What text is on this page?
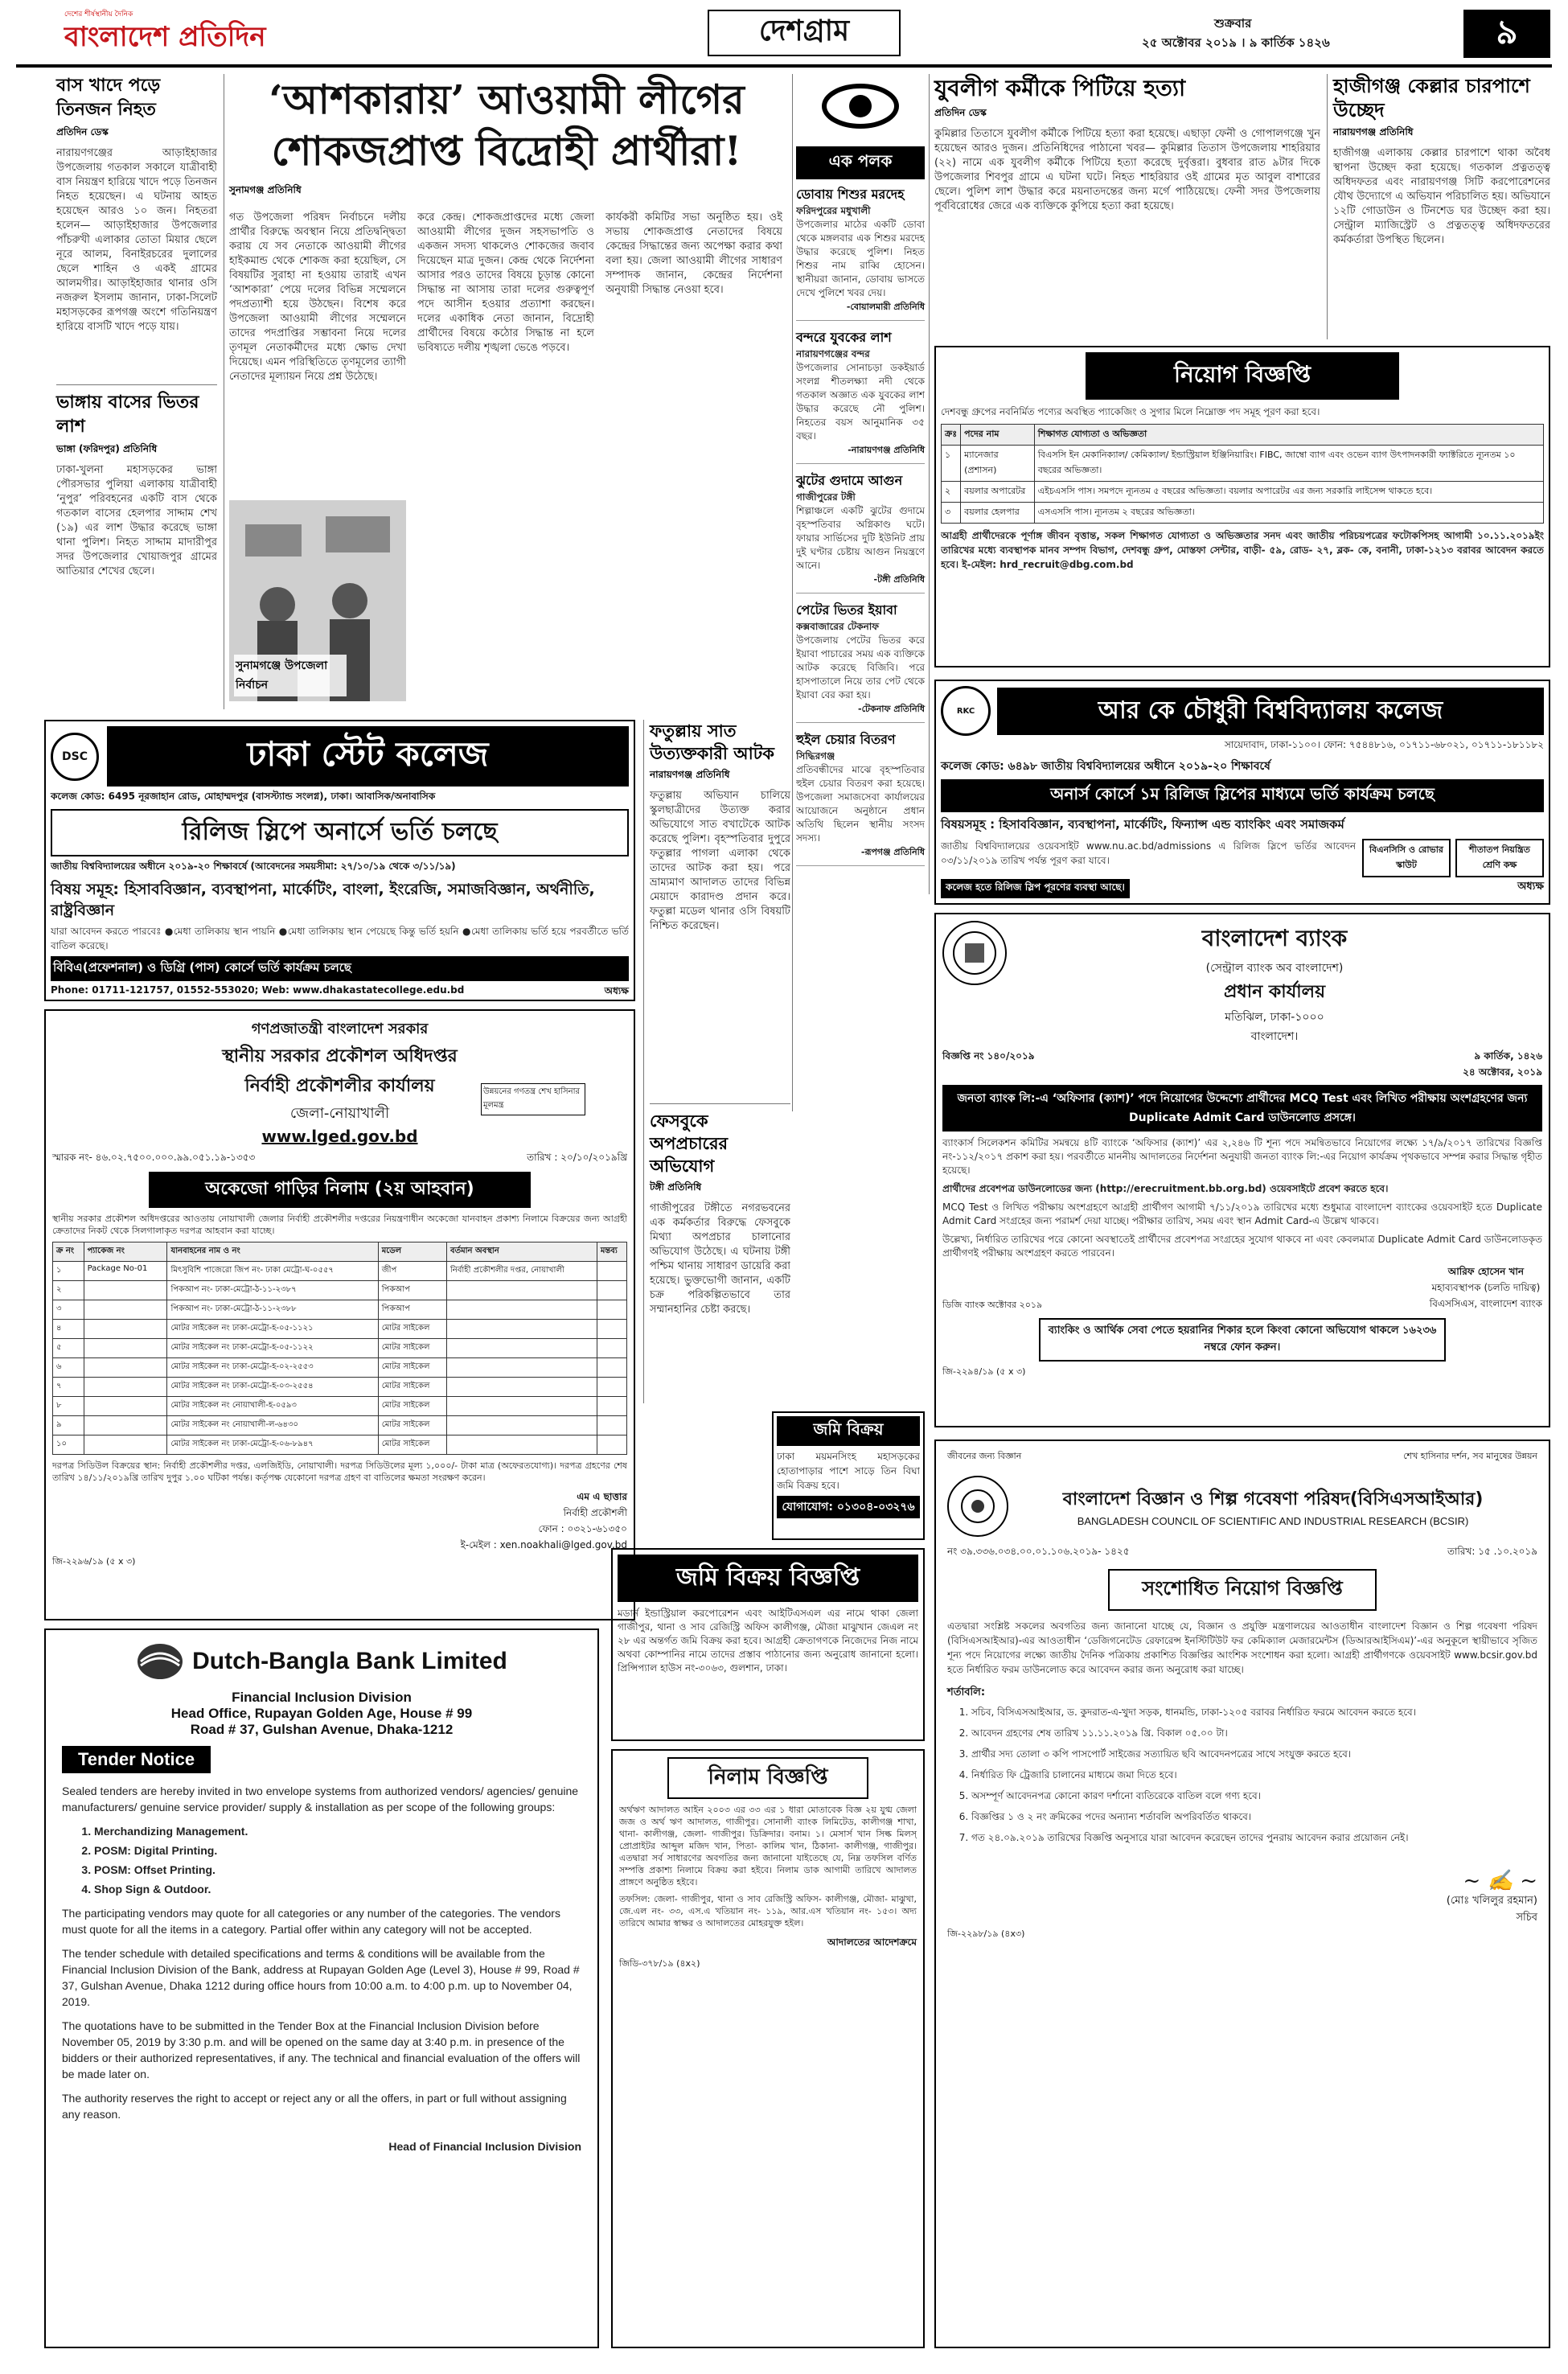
দেশের শীর্ষস্থানীয় দৈনিক
বাংলাদেশ প্রতিদিন	দেশগ্রাম	শুক্রবার
২৫ অক্টোবর ২০১৯ । ৯ কার্তিক ১৪২৬	৯
বাস খাদে পড়ে তিনজন নিহত
প্রতিদিন ডেস্ক
নারায়ণগঞ্জের আড়াইহাজার উপজেলায় গতকাল সকালে যাত্রীবাহী বাস নিয়ন্ত্রণ হারিয়ে খাদে পড়ে তিনজন নিহত হয়েছেন। এ ঘটনায় আহত হয়েছেন আরও ১০ জন। নিহতরা হলেন— আড়াইহাজার উপজেলার পাঁচরুখী এলাকার তোতা মিয়ার ছেলে নূরে আলম, বিনাইরচরের দুলালের ছেলে শাহিন ও একই গ্রামের আলমগীর। আড়াইহাজার থানার ওসি নজরুল ইসলাম জানান, ঢাকা-সিলেট মহাসড়কের রূপগঞ্জ অংশে গতিনিয়ন্ত্রণ হারিয়ে বাসটি খাদে পড়ে যায়।
ভাঙ্গায় বাসের ভিতর লাশ
ভাঙ্গা (ফরিদপুর) প্রতিনিধি
ঢাকা-খুলনা মহাসড়কের ভাঙ্গা পৌরসভার পুলিয়া এলাকায় যাত্রীবাহী ‘নুপুর’ পরিবহনের একটি বাস থেকে গতকাল বাসের হেলপার সাদ্দাম শেখ (১৯) এর লাশ উদ্ধার করেছে ভাঙ্গা থানা পুলিশ। নিহত সাদ্দাম মাদারীপুর সদর উপজেলার খোয়াজপুর গ্রামের আতিয়ার শেখের ছেলে।
‘আশকারায়’ আওয়ামী লীগের
শোকজপ্রাপ্ত বিদ্রোহী প্রার্থীরা!
সুনামগঞ্জ প্রতিনিধি
গত উপজেলা পরিষদ নির্বাচনে দলীয় প্রার্থীর বিরুদ্ধে অবস্থান নিয়ে প্রতিদ্বন্দ্বিতা করায় যে সব নেতাকে আওয়ামী লীগের হাইকমান্ড থেকে শোকজ করা হয়েছিল, সে বিষয়টির সুরাহা না হওয়ায় তারাই এখন ‘আশকারা’ পেয়ে দলের বিভিন্ন সম্মেলনে পদপ্রত্যাশী হয়ে উঠছেন। বিশেষ করে উপজেলা আওয়ামী লীগের সম্মেলনে তাদের পদপ্রাপ্তির সম্ভাবনা নিয়ে দলের তৃণমূল নেতাকর্মীদের মধ্যে ক্ষোভ দেখা দিয়েছে। এমন পরিস্থিতিতে তৃণমূলের ত্যাগী নেতাদের মূল্যায়ন নিয়ে প্রশ্ন উঠেছে।
সুনামগঞ্জে উপজেলা নির্বাচন
করে কেন্দ্র। শোকজপ্রাপ্তদের মধ্যে জেলা আওয়ামী লীগের দুজন সহসভাপতি ও একজন সদস্য থাকলেও শোকজের জবাব দিয়েছেন মাত্র দুজন। কেন্দ্র থেকে নির্দেশনা আসার পরও তাদের বিষয়ে চূড়ান্ত কোনো সিদ্ধান্ত না আসায় তারা দলের গুরুত্বপূর্ণ পদে আসীন হওয়ার প্রত্যাশা করছেন। দলের একাধিক নেতা জানান, বিদ্রোহী প্রার্থীদের বিষয়ে কঠোর সিদ্ধান্ত না হলে ভবিষ্যতে দলীয় শৃঙ্খলা ভেঙে পড়বে।
কার্যকরী কমিটির সভা অনুষ্ঠিত হয়। ওই সভায় শোকজপ্রাপ্ত নেতাদের বিষয়ে কেন্দ্রের সিদ্ধান্তের জন্য অপেক্ষা করার কথা বলা হয়। জেলা আওয়ামী লীগের সাধারণ সম্পাদক জানান, কেন্দ্রের নির্দেশনা অনুযায়ী সিদ্ধান্ত নেওয়া হবে।
এক পলক
ডোবায় শিশুর মরদেহ
ফরিদপুরের মধুখালী
উপজেলার মাঠের একটি ডোবা থেকে মঙ্গলবার এক শিশুর মরদেহ উদ্ধার করেছে পুলিশ। নিহত শিশুর নাম রাব্বি হোসেন। স্থানীয়রা জানান, ডোবায় ভাসতে দেখে পুলিশে খবর দেয়।
-বোয়ালমারী প্রতিনিধি
বন্দরে যুবকের লাশ
নারায়ণগঞ্জের বন্দর
উপজেলার সোনাচড়া ডকইয়ার্ড সংলগ্ন শীতলক্ষ্যা নদী থেকে গতকাল অজ্ঞাত এক যুবকের লাশ উদ্ধার করেছে নৌ পুলিশ। নিহতের বয়স আনুমানিক ৩৫ বছর।
-নারায়ণগঞ্জ প্রতিনিধি
ঝুটের গুদামে আগুন
গাজীপুরের টঙ্গী
শিল্পাঞ্চলে একটি ঝুটের গুদামে বৃহস্পতিবার অগ্নিকাণ্ড ঘটে। ফায়ার সার্ভিসের দুটি ইউনিট প্রায় দুই ঘণ্টার চেষ্টায় আগুন নিয়ন্ত্রণে আনে।
-টঙ্গী প্রতিনিধি
পেটের ভিতর ইয়াবা
কক্সবাজারের টেকনাফ
উপজেলায় পেটের ভিতর করে ইয়াবা পাচারের সময় এক ব্যক্তিকে আটক করেছে বিজিবি। পরে হাসপাতালে নিয়ে তার পেট থেকে ইয়াবা বের করা হয়।
-টেকনাফ প্রতিনিধি
হুইল চেয়ার বিতরণ
সিদ্ধিরগঞ্জ
প্রতিবন্ধীদের মাঝে বৃহস্পতিবার হুইল চেয়ার বিতরণ করা হয়েছে। উপজেলা সমাজসেবা কার্যালয়ের আয়োজনে অনুষ্ঠানে প্রধান অতিথি ছিলেন স্থানীয় সংসদ সদস্য।
-রূপগঞ্জ প্রতিনিধি
যুবলীগ কর্মীকে পিটিয়ে হত্যা
প্রতিদিন ডেস্ক
কুমিল্লার তিতাসে যুবলীগ কর্মীকে পিটিয়ে হত্যা করা হয়েছে। এছাড়া ফেনী ও গোপালগঞ্জে খুন হয়েছেন আরও দুজন। প্রতিনিধিদের পাঠানো খবর— কুমিল্লার তিতাস উপজেলায় শাহরিয়ার (২২) নামে এক যুবলীগ কর্মীকে পিটিয়ে হত্যা করেছে দুর্বৃত্তরা। বুধবার রাত ৯টার দিকে উপজেলার শিবপুর গ্রামে এ ঘটনা ঘটে। নিহত শাহরিয়ার ওই গ্রামের মৃত আবুল বাশারের ছেলে। পুলিশ লাশ উদ্ধার করে ময়নাতদন্তের জন্য মর্গে পাঠিয়েছে। ফেনী সদর উপজেলায় পূর্ববিরোধের জেরে এক ব্যক্তিকে কুপিয়ে হত্যা করা হয়েছে।
হাজীগঞ্জ কেল্লার চারপাশে উচ্ছেদ
নারায়ণগঞ্জ প্রতিনিধি
হাজীগঞ্জ এলাকায় কেল্লার চারপাশে থাকা অবৈধ স্থাপনা উচ্ছেদ করা হয়েছে। গতকাল প্রত্নতত্ত্ব অধিদফতর এবং নারায়ণগঞ্জ সিটি করপোরেশনের যৌথ উদ্যোগে এ অভিযান পরিচালিত হয়। অভিযানে ১২টি গোডাউন ও টিনশেড ঘর উচ্ছেদ করা হয়। সেন্ট্রাল ম্যাজিস্ট্রেট ও প্রত্নতত্ত্ব অধিদফতরের কর্মকর্তারা উপস্থিত ছিলেন।
নিয়োগ বিজ্ঞপ্তি
দেশবন্ধু গ্রুপের নবনির্মিত পণ্যের অবস্থিত প্যাকেজিং ও সুগার মিলে নিম্নোক্ত পদ সমূহ পূরণ করা হবে।
ক্রঃ	পদের নাম	শিক্ষাগত যোগ্যতা ও অভিজ্ঞতা
১	ম্যানেজার (প্রশাসন)	বিএসসি ইন মেকানিক্যাল/ কেমিক্যাল/ ইন্ডাস্ট্রিয়াল ইঞ্জিনিয়ারিং। FIBC, জাম্বো ব্যাগ এবং ওভেন ব্যাগ উৎপাদনকারী ফ্যাক্টরিতে ন্যূনতম ১০ বছরের অভিজ্ঞতা।
২	বয়লার অপারেটর	এইচএসসি পাস। সমপদে ন্যূনতম ৫ বছরের অভিজ্ঞতা। বয়লার অপারেটর এর জন্য সরকারি লাইসেন্স থাকতে হবে।
৩	বয়লার হেলপার	এসএসসি পাস। ন্যূনতম ২ বছরের অভিজ্ঞতা।
আগ্রহী প্রার্থীদেরকে পূর্ণাঙ্গ জীবন বৃত্তান্ত, সকল শিক্ষাগত যোগ্যতা ও অভিজ্ঞতার সনদ এবং জাতীয় পরিচয়পত্রের ফটোকপিসহ আগামী ১০.১১.২০১৯ইং তারিখের মধ্যে ব্যবস্থাপক মানব সম্পদ বিভাগ, দেশবন্ধু গ্রুপ, মোস্তফা সেন্টার, বাড়ী- ৫৯, রোড- ২৭, ব্লক- কে, বনানী, ঢাকা-১২১৩ বরাবর আবেদন করতে হবে। ই-মেইল: hrd_recruit@dbg.com.bd
DSC	ঢাকা স্টেট কলেজ
কলেজ কোড: 6495 নূরজাহান রোড, মোহাম্মদপুর (বাসস্ট্যান্ড সংলগ্ন), ঢাকা। আবাসিক/অনাবাসিক
রিলিজ স্লিপে অনার্সে ভর্তি চলছে
জাতীয় বিশ্ববিদ্যালয়ের অধীনে ২০১৯-২০ শিক্ষাবর্ষে (আবেদনের সময়সীমা: ২৭/১০/১৯ থেকে ৩/১১/১৯)
বিষয় সমূহ: হিসাববিজ্ঞান, ব্যবস্থাপনা, মার্কেটিং, বাংলা, ইংরেজি, সমাজবিজ্ঞান, অর্থনীতি, রাষ্ট্রবিজ্ঞান
যারা আবেদন করতে পারবেঃ ●মেধা তালিকায় স্থান পায়নি ●মেধা তালিকায় স্থান পেয়েছে কিন্তু ভর্তি হয়নি ●মেধা তালিকায় ভর্তি হয়ে পরবর্তীতে ভর্তি বাতিল করেছে।
বিবিএ(প্রফেশনাল) ও ডিগ্রি (পাস) কোর্সে ভর্তি কার্যক্রম চলছে
Phone: 01711-121757, 01552-553020; Web: www.dhakastatecollege.edu.bd	অধ্যক্ষ
ফতুল্লায় সাত উত্যক্তকারী আটক
নারায়ণগঞ্জ প্রতিনিধি
ফতুল্লায় অভিযান চালিয়ে স্কুলছাত্রীদের উত্যক্ত করার অভিযোগে সাত বখাটেকে আটক করেছে পুলিশ। বৃহস্পতিবার দুপুরে ফতুল্লার পাগলা এলাকা থেকে তাদের আটক করা হয়। পরে ভ্রাম্যমাণ আদালত তাদের বিভিন্ন মেয়াদে কারাদণ্ড প্রদান করে। ফতুল্লা মডেল থানার ওসি বিষয়টি নিশ্চিত করেছেন।
ফেসবুকে অপপ্রচারের অভিযোগ
টঙ্গী প্রতিনিধি
গাজীপুরের টঙ্গীতে নগরভবনের এক কর্মকর্তার বিরুদ্ধে ফেসবুকে মিথ্যা অপপ্রচার চালানোর অভিযোগ উঠেছে। এ ঘটনায় টঙ্গী পশ্চিম থানায় সাধারণ ডায়েরি করা হয়েছে। ভুক্তভোগী জানান, একটি চক্র পরিকল্পিতভাবে তার সম্মানহানির চেষ্টা করছে।
গণপ্রজাতন্ত্রী বাংলাদেশ সরকার
স্থানীয় সরকার প্রকৌশল অধিদপ্তর
নির্বাহী প্রকৌশলীর কার্যালয়
জেলা-নোয়াখালী
www.lged.gov.bd
উন্নয়নের গণতন্ত্র শেখ হাসিনার মূলমন্ত্র
স্মারক নং- ৪৬.০২.৭৫০০.০০০.৯৯.০৫১.১৯-১৩৫৩	তারিখ : ২০/১০/২০১৯খ্রি
অকেজো গাড়ির নিলাম (২য় আহবান)
স্থানীয় সরকার প্রকৌশল অধিদপ্তরের আওতায় নোয়াখালী জেলার নির্বাহী প্রকৌশলীর দপ্তরের নিয়ন্ত্রণাধীন অকেজো যানবাহন প্রকাশ্য নিলামে বিক্রয়ের জন্য আগ্রহী ক্রেতাদের নিকট থেকে সিলগালাকৃত দরপত্র আহবান করা যাচ্ছে।
ক্র নং	প্যাকেজ নং	যানবাহনের নাম ও নং	মডেল	বর্তমান অবস্থান	মন্তব্য
১	Package No-01	মিৎসুবিশি পাজেরো জিপ নং- ঢাকা মেট্রো-ঘ-০৫৫৭	জীপ	নির্বাহী প্রকৌশলীর দপ্তর, নোয়াখালী	
২		পিকআপ নং- ঢাকা-মেট্রো-ঠ-১১-২৩৮৭	পিকআপ		
৩		পিকআপ নং- ঢাকা-মেট্রো-ঠ-১১-২৩৮৮	পিকআপ		
৪		মোটর সাইকেল নং ঢাকা-মেট্রো-হ-০৫-১১২১	মোটর সাইকেল		
৫		মোটর সাইকেল নং ঢাকা-মেট্রো-হ-০৫-১১২২	মোটর সাইকেল		
৬		মোটর সাইকেল নং ঢাকা-মেট্রো-হ-০২-২৫৫৩	মোটর সাইকেল		
৭		মোটর সাইকেল নং ঢাকা-মেট্রো-হ-০৩-২৫৫৪	মোটর সাইকেল		
৮		মোটর সাইকেল নং নোয়াখালী-হ-০৫৯৩	মোটর সাইকেল		
৯		মোটর সাইকেল নং নোয়াখালী-ল-৬৪৩০	মোটর সাইকেল		
১০		মোটর সাইকেল নং ঢাকা-মেট্রো-হ-০৬-৮৯৪৭	মোটর সাইকেল		
দরপত্র সিডিউল বিক্রয়ের স্থান: নির্বাহী প্রকৌশলীর দপ্তর, এলজিইডি, নোয়াখালী। দরপত্র সিডিউলের মূল্য ১,০০০/- টাকা মাত্র (অফেরতযোগ্য)। দরপত্র গ্রহণের শেষ তারিখ ১৪/১১/২০১৯খ্রি তারিখ দুপুর ১.০০ ঘটিকা পর্যন্ত। কর্তৃপক্ষ যেকোনো দরপত্র গ্রহণ বা বাতিলের ক্ষমতা সংরক্ষণ করেন।
এম এ ছাত্তার
নির্বাহী প্রকৌশলী
ফোন : ০৩২১-৬১৩৫০
ই-মেইল : xen.noakhali@lged.gov.bd
জি-২২৯৬/১৯ (৫ x ৩)
Dutch-Bangla Bank Limited
Financial Inclusion Division
Head Office, Rupayan Golden Age, House # 99
Road # 37, Gulshan Avenue, Dhaka-1212
Tender Notice

Sealed tenders are hereby invited in two envelope systems from authorized vendors/ agencies/ genuine manufacturers/ genuine service provider/ supply & installation as per scope of the following groups:

1. Merchandizing Management.
2. POSM: Digital Printing.
3. POSM: Offset Printing.
4. Shop Sign & Outdoor.

The participating vendors may quote for all categories or any number of the categories. The vendors must quote for all the items in a category. Partial offer within any category will not be accepted.

The tender schedule with detailed specifications and terms & conditions will be available from the Financial Inclusion Division of the Bank, address at Rupayan Golden Age (Level 3), House # 99, Road # 37, Gulshan Avenue, Dhaka 1212 during office hours from 10:00 a.m. to 4:00 p.m. up to November 04, 2019.

The quotations have to be submitted in the Tender Box at the Financial Inclusion Division before November 05, 2019 by 3:30 p.m. and will be opened on the same day at 3:40 p.m. in presence of the bidders or their authorized representatives, if any. The technical and financial evaluation of the offers will be made later on.

The authority reserves the right to accept or reject any or all the offers, in part or full without assigning any reason.

Head of Financial Inclusion Division

জমি বিক্রয়
ঢাকা ময়মনসিংহ মহাসড়কের হোতাপাড়ার পাশে সাড়ে তিন বিঘা জমি বিক্রয় হবে।
যোগাযোগ: ০১৩০৪-০৩২৭৬
জমি বিক্রয় বিজ্ঞপ্তি
মডার্ন ইন্ডাস্ট্রিয়াল করপোরেশন এবং আইটিএসএল এর নামে থাকা জেলা গাজীপুর, থানা ও সাব রেজিস্ট্রি অফিস কালীগঞ্জ, মৌজা মাঝুখান জেএল নং ২৮ এর অন্তর্গত জমি বিক্রয় করা হবে। আগ্রহী ক্রেতাগণকে নিজেদের নিজ নামে অথবা কোম্পানির নামে তাদের প্রস্তাব পাঠানোর জন্য অনুরোধ জানানো হলো। প্রিন্সিপ্যাল হাউস নং-৩০৬৩, গুলশান, ঢাকা।
নিলাম বিজ্ঞপ্তি
অর্থঋণ আদালত আইন ২০০৩ এর ৩৩ এর ১ ধারা মোতাবেক বিজ্ঞ ২য় যুগ্ম জেলা জজ ও অর্থ ঋণ আদালত, গাজীপুর। সোনালী ব্যাংক লিমিটেড, কালীগঞ্জ শাখা, থানা- কালীগঞ্জ, জেলা- গাজীপুর। ডিক্রিদার। বনাম। ১। মেসার্স খান সিল্ক মিলস্ প্রোপ্রাইটর আব্দুল মজিদ খান, পিতা- কালিম খান, ঠিকানা- কালীগঞ্জ, গাজীপুর। এতদ্বারা সর্ব সাধারণের অবগতির জন্য জানানো যাইতেছে যে, নিম্ন তফসিল বর্ণিত সম্পত্তি প্রকাশ্য নিলামে বিক্রয় করা হইবে। নিলাম ডাক আগামী তারিখে আদালত প্রাঙ্গণে অনুষ্ঠিত হইবে।
তফসিল: জেলা- গাজীপুর, থানা ও সাব রেজিস্ট্রি অফিস- কালীগঞ্জ, মৌজা- মাঝুখা, জে.এল নং- ৩৩, এস.এ খতিয়ান নং- ১১৯, আর.এস খতিয়ান নং- ১৫৩। অদ্য তারিখে আমার স্বাক্ষর ও আদালতের মোহরযুক্ত হইল।
আদালতের আদেশক্রমে
জিডি-৩৭৮/১৯ (৪x২)
RKC	আর কে চৌধুরী বিশ্ববিদ্যালয় কলেজ
সায়েদাবাদ, ঢাকা-১১০০। ফোন: ৭৫৪৪৮১৬, ০১৭১১-৬৮০২১, ০১৭১১-১৮১১৮২
কলেজ কোড: ৬৪৯৮ জাতীয় বিশ্ববিদ্যালয়ের অধীনে ২০১৯-২০ শিক্ষাবর্ষে
অনার্স কোর্সে ১ম রিলিজ স্লিপের মাধ্যমে ভর্তি কার্যক্রম চলছে
বিষয়সমূহ : হিসাববিজ্ঞান, ব্যবস্থাপনা, মার্কেটিং, ফিন্যান্স এন্ড ব্যাংকিং এবং সমাজকর্ম
জাতীয় বিশ্ববিদ্যালয়ের ওয়েবসাইট www.nu.ac.bd/admissions এ রিলিজ স্লিপে ভর্তির আবেদন ০৩/১১/২০১৯ তারিখ পর্যন্ত পূরণ করা যাবে।
বিএনসিসি ও রোভার স্কাউট
শীতাতপ নিয়ন্ত্রিত শ্রেণি কক্ষ
কলেজ হতে রিলিজ স্লিপ পূরণের ব্যবস্থা আছে।	অধ্যক্ষ
বাংলাদেশ ব্যাংক
(সেন্ট্রাল ব্যাংক অব বাংলাদেশ)
প্রধান কার্যালয়
মতিঝিল, ঢাকা-১০০০
বাংলাদেশ।
বিজ্ঞপ্তি নং ১৪০/২০১৯	৯ কার্তিক, ১৪২৬
২৪ অক্টোবর, ২০১৯
জনতা ব্যাংক লি:-এ ‘অফিসার (ক্যাশ)’ পদে নিয়োগের উদ্দেশ্যে প্রার্থীদের MCQ Test এবং লিখিত পরীক্ষায় অংশগ্রহণের জন্য Duplicate Admit Card ডাউনলোড প্রসঙ্গে।
ব্যাংকার্স সিলেকশন কমিটির সমন্বয়ে ৪টি ব্যাংকে ‘অফিসার (ক্যাশ)’ এর ২,২৪৬ টি শূন্য পদে সমন্বিতভাবে নিয়োগের লক্ষ্যে ১৭/৯/২০১৭ তারিখের বিজ্ঞপ্তি নং-১১২/২০১৭ প্রকাশ করা হয়। পরবর্তীতে মাননীয় আদালতের নির্দেশনা অনুযায়ী জনতা ব্যাংক লি:-এর নিয়োগ কার্যক্রম পৃথকভাবে সম্পন্ন করার সিদ্ধান্ত গৃহীত হয়েছে।
প্রার্থীদের প্রবেশপত্র ডাউনলোডের জন্য (http://erecruitment.bb.org.bd) ওয়েবসাইটে প্রবেশ করতে হবে।
MCQ Test ও লিখিত পরীক্ষায় অংশগ্রহণে আগ্রহী প্রার্থীগণ আগামী ৭/১১/২০১৯ তারিখের মধ্যে শুধুমাত্র বাংলাদেশ ব্যাংকের ওয়েবসাইট হতে Duplicate Admit Card সংগ্রহের জন্য পরামর্শ দেয়া যাচ্ছে। পরীক্ষার তারিখ, সময় এবং স্থান Admit Card-এ উল্লেখ থাকবে।
উল্লেখ্য, নির্ধারিত তারিখের পরে কোনো অবস্থাতেই প্রার্থীদের প্রবেশপত্র সংগ্রহের সুযোগ থাকবে না এবং কেবলমাত্র Duplicate Admit Card ডাউনলোডকৃত প্রার্থীগণই পরীক্ষায় অংশগ্রহণ করতে পারবেন।
ডিজি ব্যাংক অক্টোবর ২০১৯
আরিফ হোসেন খান
মহাব্যবস্থাপক (চলতি দায়িত্ব)
বিএসসিএস, বাংলাদেশ ব্যাংক
ব্যাংকিং ও আর্থিক সেবা পেতে হয়রানির শিকার হলে কিংবা কোনো অভিযোগ থাকলে ১৬২৩৬ নম্বরে ফোন করুন।
জি-২২৯৪/১৯ (৫ x ৩)
জীবনের জন্য বিজ্ঞান	শেখ হাসিনার দর্শন, সব মানুষের উন্নয়ন
বাংলাদেশ বিজ্ঞান ও শিল্প গবেষণা পরিষদ(বিসিএসআইআর)
BANGLADESH COUNCIL OF SCIENTIFIC AND INDUSTRIAL RESEARCH (BCSIR)
নং ৩৯.৩৩৬.০৩৪.০০.০১.১০৬.২০১৯- ১৪২৫	তারিখ: ১৫ .১০.২০১৯
সংশোধিত নিয়োগ বিজ্ঞপ্তি
এতদ্বারা সংশ্লিষ্ট সকলের অবগতির জন্য জানানো যাচ্ছে যে, বিজ্ঞান ও প্রযুক্তি মন্ত্রণালয়ের আওতাধীন বাংলাদেশ বিজ্ঞান ও শিল্প গবেষণা পরিষদ (বিসিএসআইআর)-এর আওতাধীন ‘ডেজিগনেটেড রেফারেন্স ইনস্টিটিউট ফর কেমিক্যাল মেজারমেন্টস (ডিআরআইসিএম)’-এর অনুকূলে স্থায়ীভাবে সৃজিত শূন্য পদে নিয়োগের লক্ষ্যে জাতীয় দৈনিক পত্রিকায় প্রকাশিত বিজ্ঞপ্তির আংশিক সংশোধন করা হলো। আগ্রহী প্রার্থীগণকে ওয়েবসাইট www.bcsir.gov.bd হতে নির্ধারিত ফরম ডাউনলোড করে আবেদন করার জন্য অনুরোধ করা যাচ্ছে।
শর্তাবলি:
1. সচিব, বিসিএসআইআর, ড. কুদরাত-এ-খুদা সড়ক, ধানমন্ডি, ঢাকা-১২০৫ বরাবর নির্ধারিত ফরমে আবেদন করতে হবে।
2. আবেদন গ্রহণের শেষ তারিখ ১১.১১.২০১৯ খ্রি. বিকাল ০৫.০০ টা।
3. প্রার্থীর সদ্য তোলা ৩ কপি পাসপোর্ট সাইজের সত্যায়িত ছবি আবেদনপত্রের সাথে সংযুক্ত করতে হবে।
4. নির্ধারিত ফি ট্রেজারি চালানের মাধ্যমে জমা দিতে হবে।
5. অসম্পূর্ণ আবেদনপত্র কোনো কারণ দর্শানো ব্যতিরেকে বাতিল বলে গণ্য হবে।
6. বিজ্ঞপ্তির ১ ও ২ নং ক্রমিকের পদের অন্যান্য শর্তাবলি অপরিবর্তিত থাকবে।
7. গত ২৪.০৯.২০১৯ তারিখের বিজ্ঞপ্তি অনুসারে যারা আবেদন করেছেন তাদের পুনরায় আবেদন করার প্রয়োজন নেই।
~ ✍ ~
(মোঃ খলিলুর রহমান)
সচিব
জি-২২৯৮/১৯ (৪x৩)
